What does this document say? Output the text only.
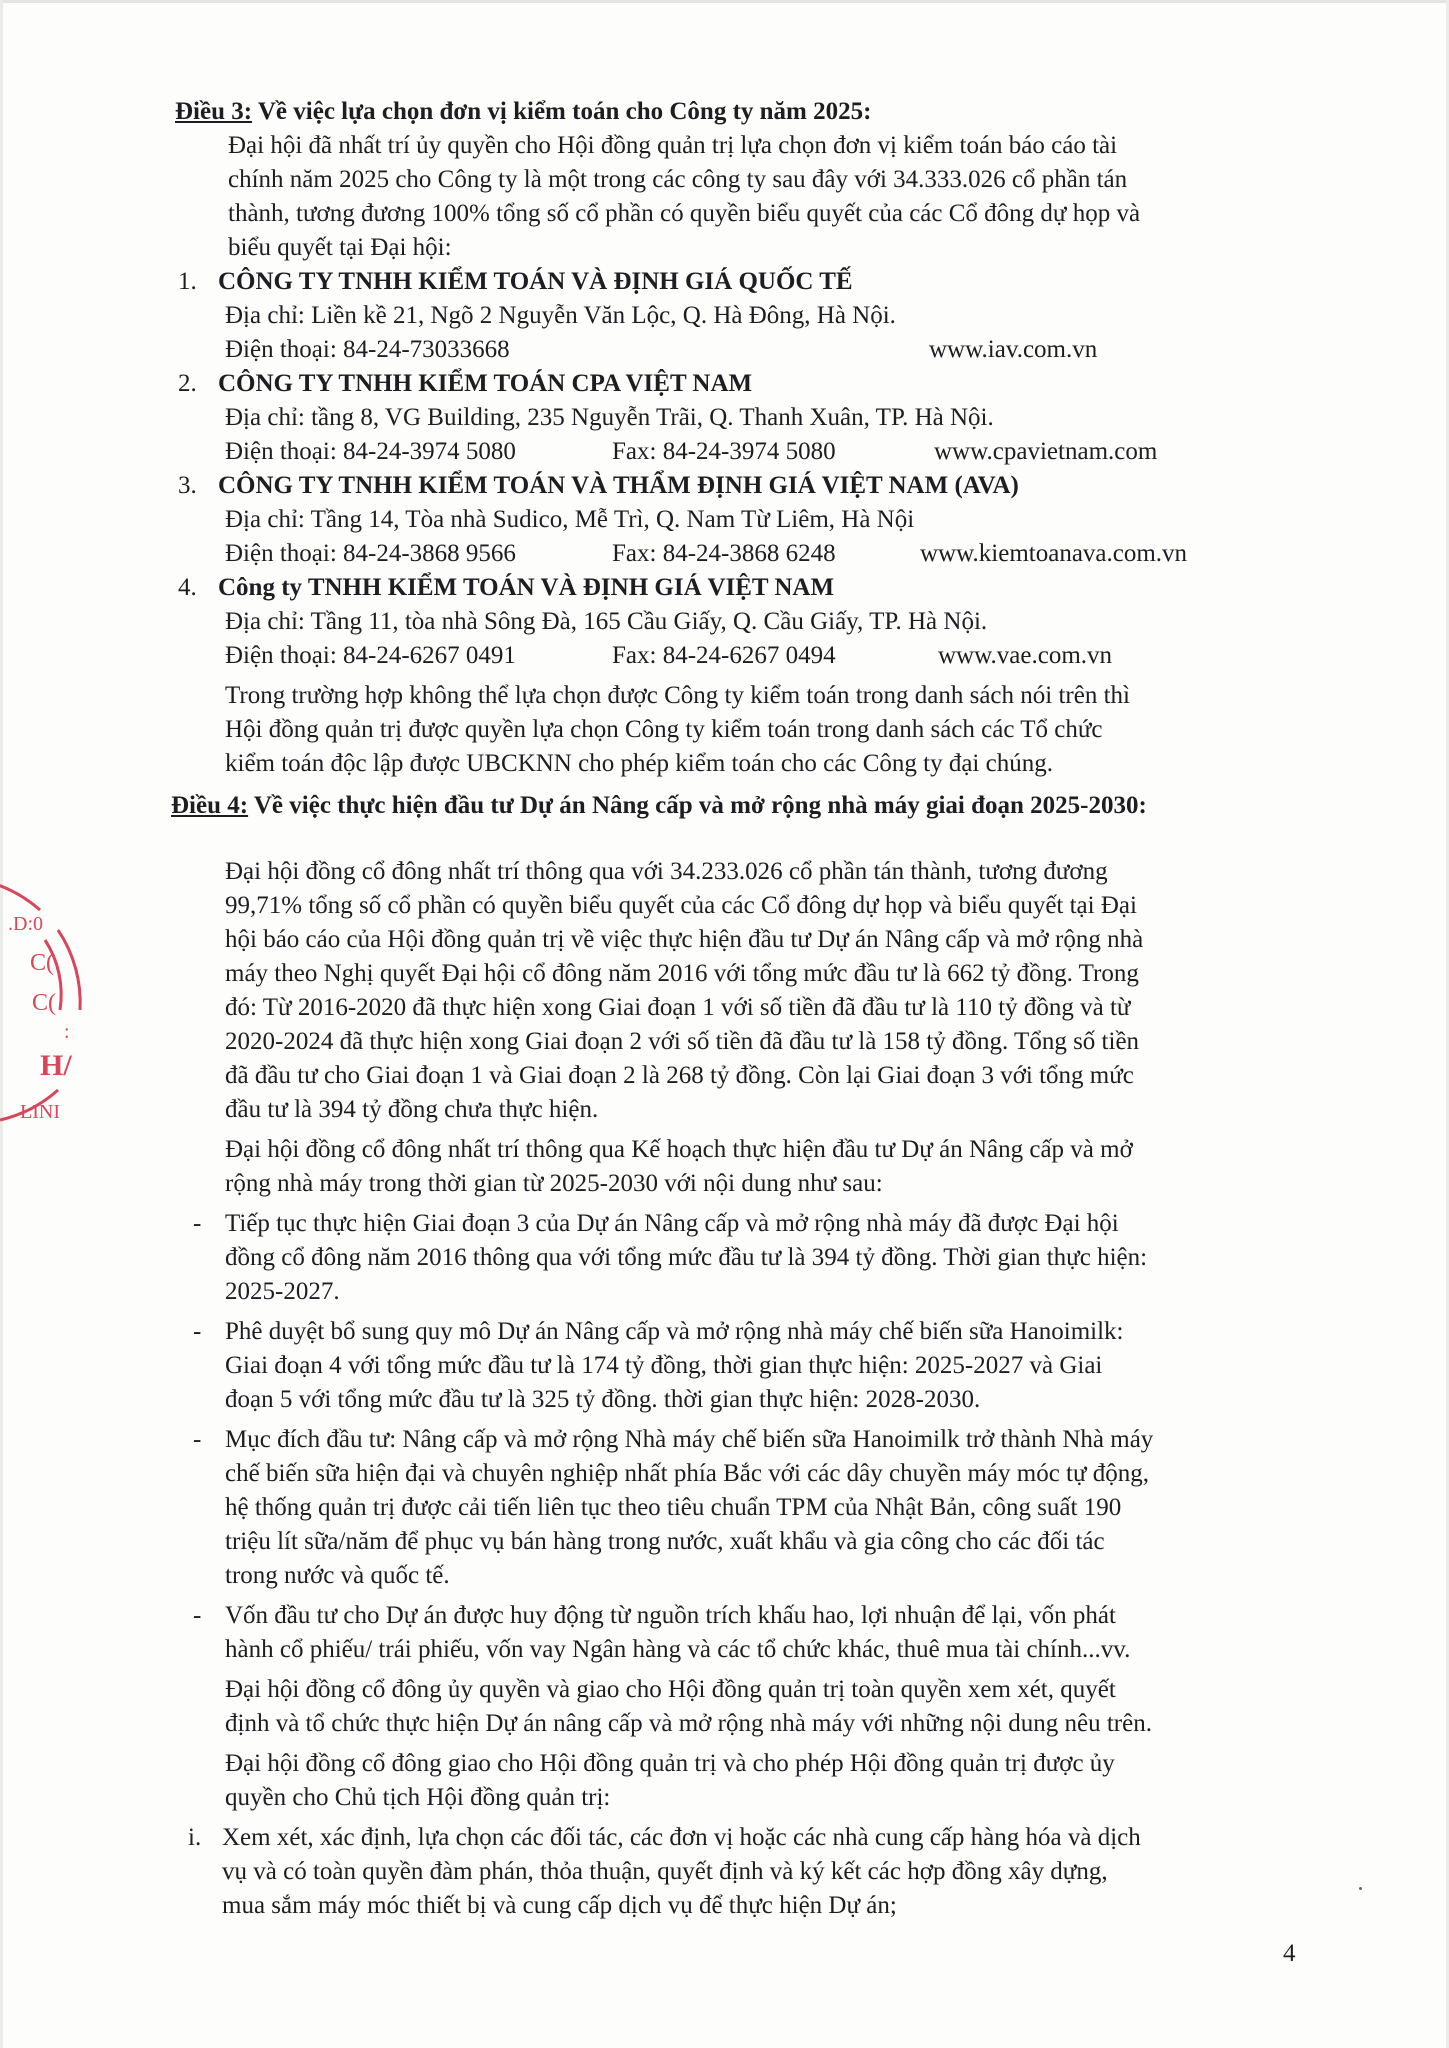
Điều 3: Về việc lựa chọn đơn vị kiểm toán cho Công ty năm 2025:
Đại hội đã nhất trí ủy quyền cho Hội đồng quản trị lựa chọn đơn vị kiểm toán báo cáo tài
chính năm 2025 cho Công ty là một trong các công ty sau đây với 34.333.026 cổ phần tán
thành, tương đương 100% tổng số cổ phần có quyền biểu quyết của các Cổ đông dự họp và
biểu quyết tại Đại hội:
1. CÔNG TY TNHH KIỂM TOÁN VÀ ĐỊNH GIÁ QUỐC TẾ
Địa chỉ: Liền kề 21, Ngõ 2 Nguyễn Văn Lộc, Q. Hà Đông, Hà Nội.
Điện thoại: 84-24-73033668	www.iav.com.vn
2. CÔNG TY TNHH KIỂM TOÁN CPA VIỆT NAM
Địa chỉ: tầng 8, VG Building, 235 Nguyễn Trãi, Q. Thanh Xuân, TP. Hà Nội.
Điện thoại: 84-24-3974 5080	Fax: 84-24-3974 5080	www.cpavietnam.com
3. CÔNG TY TNHH KIỂM TOÁN VÀ THẨM ĐỊNH GIÁ VIỆT NAM (AVA)
Địa chỉ: Tầng 14, Tòa nhà Sudico, Mễ Trì, Q. Nam Từ Liêm, Hà Nội
Điện thoại: 84-24-3868 9566	Fax: 84-24-3868 6248	www.kiemtoanava.com.vn
4. Công ty TNHH KIỂM TOÁN VÀ ĐỊNH GIÁ VIỆT NAM
Địa chỉ: Tầng 11, tòa nhà Sông Đà, 165 Cầu Giấy, Q. Cầu Giấy, TP. Hà Nội.
Điện thoại: 84-24-6267 0491	Fax: 84-24-6267 0494	www.vae.com.vn
Trong trường hợp không thể lựa chọn được Công ty kiểm toán trong danh sách nói trên thì
Hội đồng quản trị được quyền lựa chọn Công ty kiểm toán trong danh sách các Tổ chức
kiểm toán độc lập được UBCKNN cho phép kiểm toán cho các Công ty đại chúng.
Điều 4: Về việc thực hiện đầu tư Dự án Nâng cấp và mở rộng nhà máy giai đoạn 2025-2030:
Đại hội đồng cổ đông nhất trí thông qua với 34.233.026 cổ phần tán thành, tương đương
99,71% tổng số cổ phần có quyền biểu quyết của các Cổ đông dự họp và biểu quyết tại Đại
hội báo cáo của Hội đồng quản trị về việc thực hiện đầu tư Dự án Nâng cấp và mở rộng nhà
máy theo Nghị quyết Đại hội cổ đông năm 2016 với tổng mức đầu tư là 662 tỷ đồng. Trong
đó: Từ 2016-2020 đã thực hiện xong Giai đoạn 1 với số tiền đã đầu tư là 110 tỷ đồng và từ
2020-2024 đã thực hiện xong Giai đoạn 2 với số tiền đã đầu tư là 158 tỷ đồng. Tổng số tiền
đã đầu tư cho Giai đoạn 1 và Giai đoạn 2 là 268 tỷ đồng. Còn lại Giai đoạn 3 với tổng mức
đầu tư là 394 tỷ đồng chưa thực hiện.
Đại hội đồng cổ đông nhất trí thông qua Kế hoạch thực hiện đầu tư Dự án Nâng cấp và mở
rộng nhà máy trong thời gian từ 2025-2030 với nội dung như sau:
- Tiếp tục thực hiện Giai đoạn 3 của Dự án Nâng cấp và mở rộng nhà máy đã được Đại hội
đồng cổ đông năm 2016 thông qua với tổng mức đầu tư là 394 tỷ đồng. Thời gian thực hiện:
2025-2027.
- Phê duyệt bổ sung quy mô Dự án Nâng cấp và mở rộng nhà máy chế biến sữa Hanoimilk:
Giai đoạn 4 với tổng mức đầu tư là 174 tỷ đồng, thời gian thực hiện: 2025-2027 và Giai
đoạn 5 với tổng mức đầu tư là 325 tỷ đồng. thời gian thực hiện: 2028-2030.
- Mục đích đầu tư: Nâng cấp và mở rộng Nhà máy chế biến sữa Hanoimilk trở thành Nhà máy
chế biến sữa hiện đại và chuyên nghiệp nhất phía Bắc với các dây chuyền máy móc tự động,
hệ thống quản trị được cải tiến liên tục theo tiêu chuẩn TPM của Nhật Bản, công suất 190
triệu lít sữa/năm để phục vụ bán hàng trong nước, xuất khẩu và gia công cho các đối tác
trong nước và quốc tế.
- Vốn đầu tư cho Dự án được huy động từ nguồn trích khấu hao, lợi nhuận để lại, vốn phát
hành cổ phiếu/ trái phiếu, vốn vay Ngân hàng và các tổ chức khác, thuê mua tài chính...vv.
Đại hội đồng cổ đông ủy quyền và giao cho Hội đồng quản trị toàn quyền xem xét, quyết
định và tổ chức thực hiện Dự án nâng cấp và mở rộng nhà máy với những nội dung nêu trên.
Đại hội đồng cổ đông giao cho Hội đồng quản trị và cho phép Hội đồng quản trị được ủy
quyền cho Chủ tịch Hội đồng quản trị:
i. Xem xét, xác định, lựa chọn các đối tác, các đơn vị hoặc các nhà cung cấp hàng hóa và dịch
vụ và có toàn quyền đàm phán, thỏa thuận, quyết định và ký kết các hợp đồng xây dựng,
mua sắm máy móc thiết bị và cung cấp dịch vụ để thực hiện Dự án;
4
.D:0
C(
C(
:
H/
LINI
